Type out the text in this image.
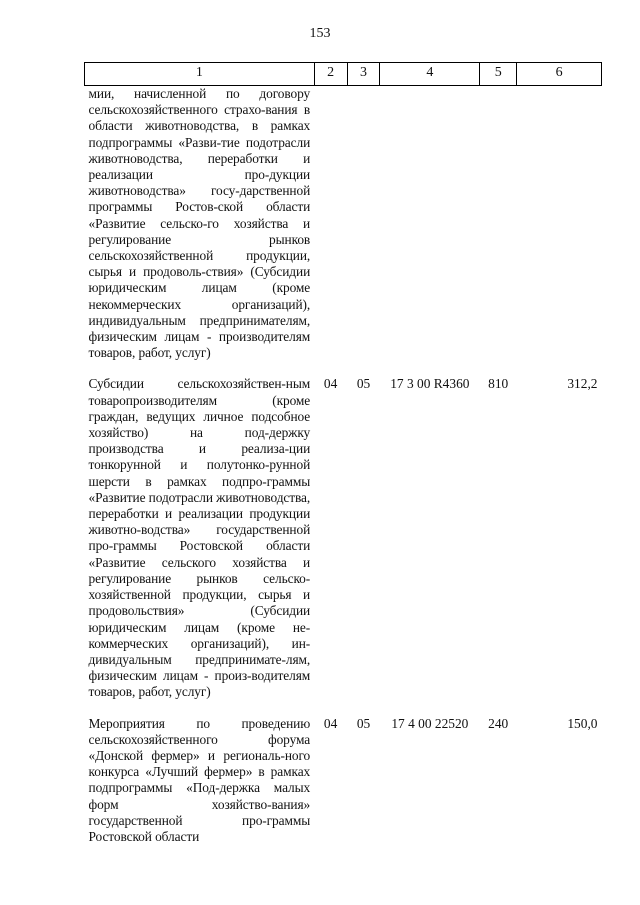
153
1	2	3	4	5	6
мии, начисленной по договору сельскохозяйственного страхо-вания в области животноводства, в рамках подпрограммы «Разви-тие подотрасли животноводства, переработки и реализации про-дукции животноводства» госу-дарственной программы Ростов-ской области «Развитие сельско-го хозяйства и регулирование рынков сельскохозяйственной продукции, сырья и продоволь-ствия» (Субсидии юридическим лицам (кроме некоммерческих организаций), индивидуальным предпринимателям, физическим лицам - производителям товаров, работ, услуг)					
Субсидии сельскохозяйствен-ным товаропроизводителям (кроме граждан, ведущих личное подсобное хозяйство) на под-держку производства и реализа-ции тонкорунной и полутонко-рунной шерсти в рамках подпро-граммы «Развитие подотрасли животноводства, переработки и реализации продукции животно-водства» государственной про-граммы Ростовской области «Развитие сельского хозяйства и регулирование рынков сельско-хозяйственной продукции, сырья и продовольствия» (Субсидии юридическим лицам (кроме не-коммерческих организаций), ин-дивидуальным предпринимате-лям, физическим лицам - произ-водителям товаров, работ, услуг)	04	05	17 3 00 R4360	810	312,2
Мероприятия по проведению сельскохозяйственного форума «Донской фермер» и региональ-ного конкурса «Лучший фермер» в рамках подпрограммы «Под-держка малых форм хозяйство-вания» государственной про-граммы Ростовской области	04	05	17 4 00 22520	240	150,0
